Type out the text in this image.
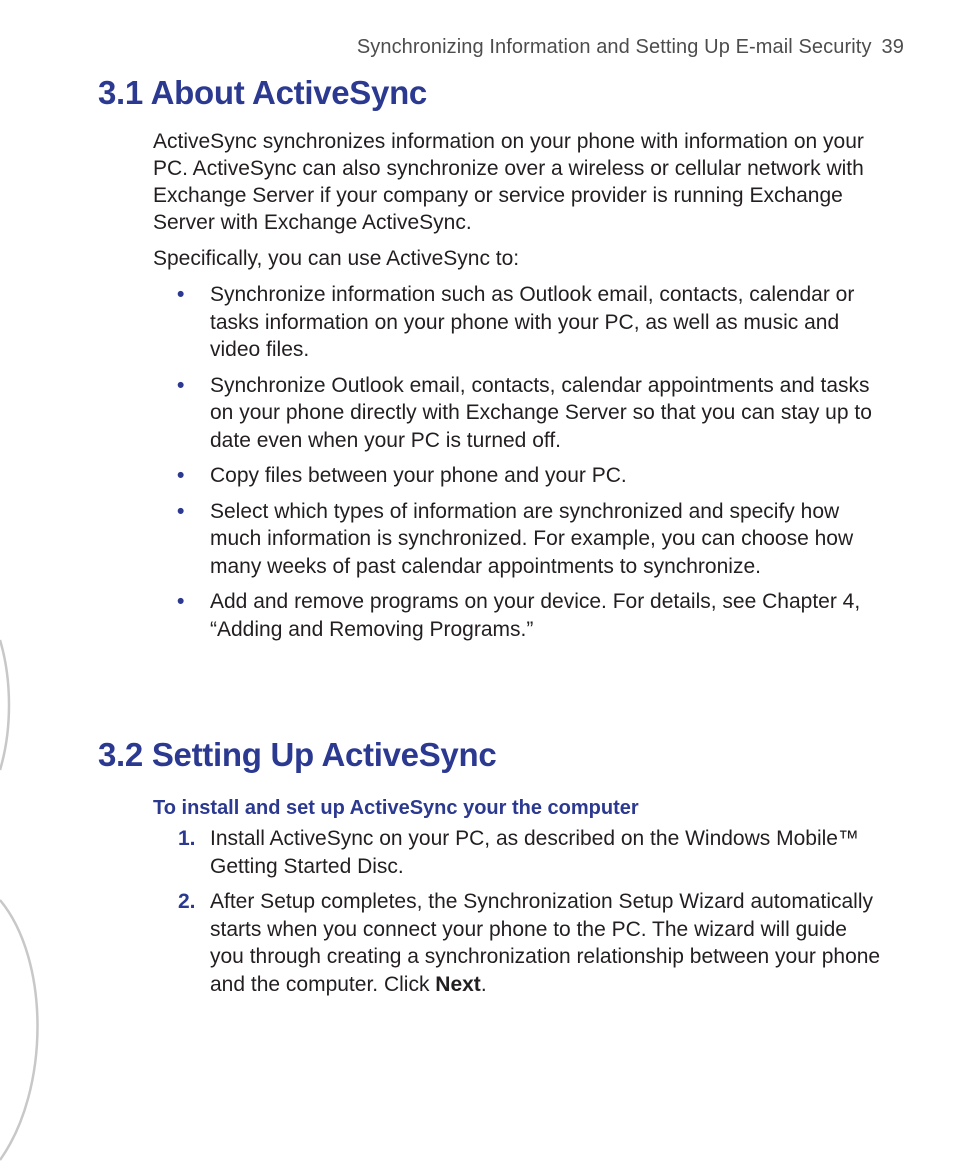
Synchronizing Information and Setting Up E-mail Security 39
3.1 About ActiveSync

ActiveSync synchronizes information on your phone with information on your PC. ActiveSync can also synchronize over a wireless or cellular network with Exchange Server if your company or service provider is running Exchange Server with Exchange ActiveSync.

Specifically, you can use ActiveSync to:

• Synchronize information such as Outlook email, contacts, calendar or tasks information on your phone with your PC, as well as music and video files.
• Synchronize Outlook email, contacts, calendar appointments and tasks on your phone directly with Exchange Server so that you can stay up to date even when your PC is turned off.
• Copy files between your phone and your PC.
• Select which types of information are synchronized and specify how much information is synchronized. For example, you can choose how many weeks of past calendar appointments to synchronize.
• Add and remove programs on your device. For details, see Chapter 4, “Adding and Removing Programs.”
3.2 Setting Up ActiveSync

To install and set up ActiveSync your the computer

1. Install ActiveSync on your PC, as described on the Windows Mobile™ Getting Started Disc.
2. After Setup completes, the Synchronization Setup Wizard automatically starts when you connect your phone to the PC. The wizard will guide you through creating a synchronization relationship between your phone and the computer. Click Next.
